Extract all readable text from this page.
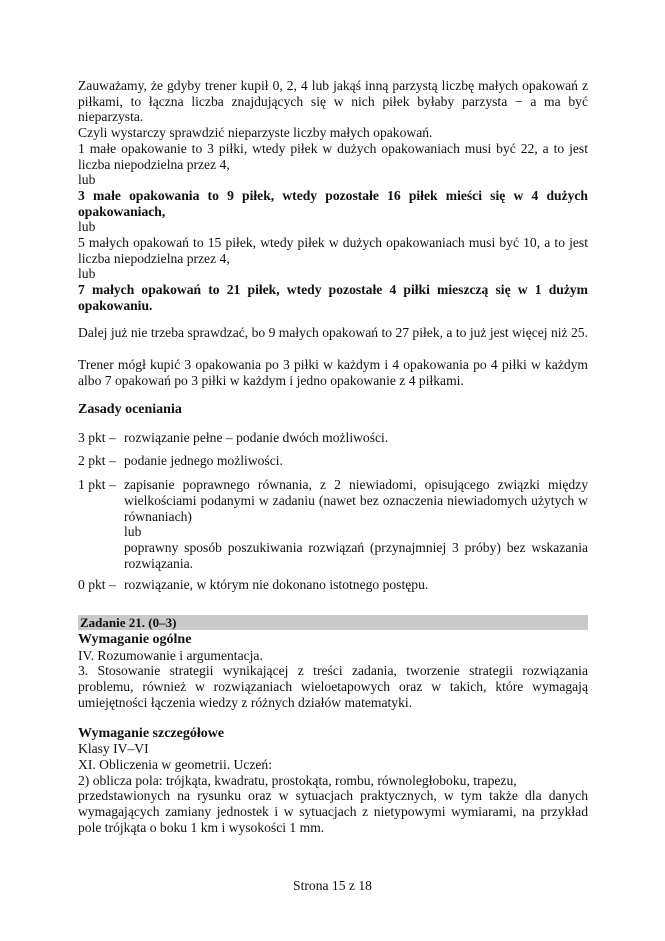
Zauważamy, że gdyby trener kupił 0, 2, 4 lub jakąś inną parzystą liczbę małych opakowań z piłkami, to łączna liczba znajdujących się w nich piłek byłaby parzysta − a ma być nieparzysta.

Czyli wystarczy sprawdzić nieparzyste liczby małych opakowań.

1 małe opakowanie to 3 piłki, wtedy piłek w dużych opakowaniach musi być 22, a to jest liczba niepodzielna przez 4,

lub

3 małe opakowania to 9 piłek, wtedy pozostałe 16 piłek mieści się w 4 dużych opakowaniach,

lub

5 małych opakowań to 15 piłek, wtedy piłek w dużych opakowaniach musi być 10, a to jest liczba niepodzielna przez 4,

lub

7 małych opakowań to 21 piłek, wtedy pozostałe 4 piłki mieszczą się w 1 dużym opakowaniu.

Dalej już nie trzeba sprawdzać, bo 9 małych opakowań to 27 piłek, a to już jest więcej niż 25.

Trener mógł kupić 3 opakowania po 3 piłki w każdym i 4 opakowania po 4 piłki w każdym albo 7 opakowań po 3 piłki w każdym i jedno opakowanie z 4 piłkami.

Zasady oceniania
3 pkt – rozwiązanie pełne – podanie dwóch możliwości.
2 pkt – podanie jednego możliwości.
1 pkt – zapisanie poprawnego równania, z 2 niewiadomi, opisującego związki między wielkościami podanymi w zadaniu (nawet bez oznaczenia niewiadomych użytych w równaniach)

lub

poprawny sposób poszukiwania rozwiązań (przynajmniej 3 próby) bez wskazania rozwiązania.

0 pkt – rozwiązanie, w którym nie dokonano istotnego postępu.
Zadanie 21. (0–3)
Wymaganie ogólne

IV. Rozumowanie i argumentacja.

3. Stosowanie strategii wynikającej z treści zadania, tworzenie strategii rozwiązania problemu, również w rozwiązaniach wieloetapowych oraz w takich, które wymagają umiejętności łączenia wiedzy z różnych działów matematyki.

Wymaganie szczegółowe

Klasy IV–VI

XI. Obliczenia w geometrii. Uczeń:

2) oblicza pola: trójkąta, kwadratu, prostokąta, rombu, równoległoboku, trapezu,

przedstawionych na rysunku oraz w sytuacjach praktycznych, w tym także dla danych wymagających zamiany jednostek i w sytuacjach z nietypowymi wymiarami, na przykład pole trójkąta o boku 1 km i wysokości 1 mm.

Strona 15 z 18
